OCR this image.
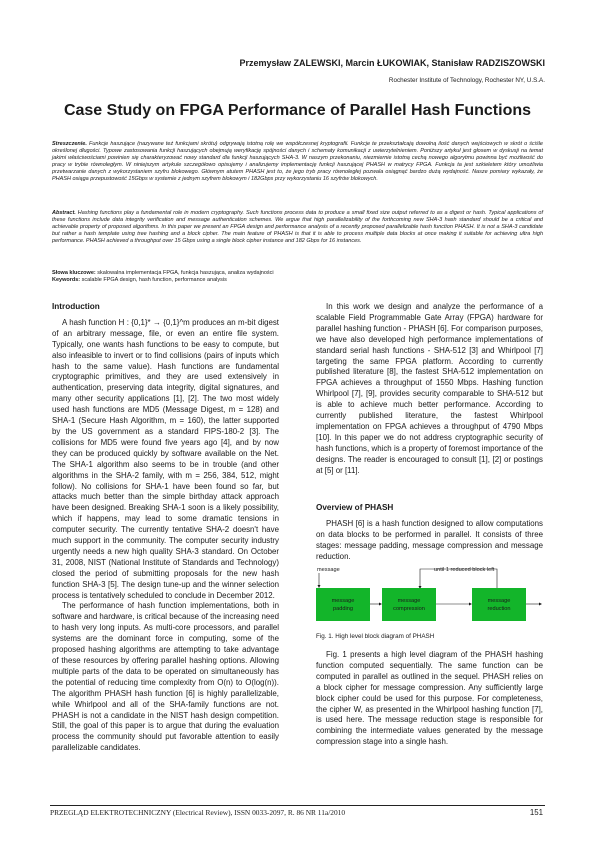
Przemysław ZALEWSKI, Marcin ŁUKOWIAK, Stanisław RADZISZOWSKI
Rochester Institute of Technology, Rochester NY, U.S.A.
Case Study on FPGA Performance of Parallel Hash Functions
Streszczenie. Funkcje haszujące (nazywane też funkcjami skrótu) odgrywają istotną rolę we współczesnej kryptografii. Funkcje te przekształcają dowolną ilość danych wejściowych w skrót o ściśle określonej długości. Typowe zastosowania funkcji haszujących obejmują weryfikację spójności danych i schematy komunikacji z uwierzytelnieniem. Poniższy artykuł jest głosem w dyskusji na temat jakimi właściwościami powinien się charakteryzować nowy standard dla funkcji haszujących SHA-3. W naszym przekonaniu, niezmiernie istotną cechą nowego algorytmu powinna być możliwość do pracy w trybie równoległym. W niniejszym artykule szczegółowo opisujemy i analizujemy implementację funkcji haszującej PHASH w matrycy FPGA. Funkcja ta jest szkieletem który umożliwia przetwarzanie danych z wykorzystaniem szyfru blokowego. Głównym atutem PHASH jest to, że jego tryb pracy równoległej pozwala osiągnąć bardzo dużą wydajność. Nasze pomiary wykazały, że PHASH osiąga przepustowość 15Gbps w systemie z jednym szyfrem blokowym i 182Gbps przy wykorzystaniu 16 szyfrów blokowych.
Abstract. Hashing functions play a fundamental role in modern cryptography. Such functions process data to produce a small fixed size output referred to as a digest or hash. Typical applications of these functions include data integrity verification and message authentication schemes. We argue that high parallelizability of the forthcoming new SHA-3 hash standard should be a critical and achievable property of proposed algorithms. In this paper we present an FPGA design and performance analysis of a recently proposed parallelizable hash function PHASH. It is not a SHA-3 candidate but rather a hash template using tree hashing and a block cipher. The main feature of PHASH is that it is able to process multiple data blocks at once making it suitable for achieving ultra high performance. PHASH achieved a throughput over 15 Gbps using a single block cipher instance and 182 Gbps for 16 instances.
Słowa kluczowe: skalowalna implementacja FPGA, funkcja haszująca, analiza wydajności
Keywords: scalable FPGA design, hash function, performance analysis
Introduction

A hash function H : {0,1}* → {0,1}^m produces an m-bit digest of an arbitrary message, file, or even an entire file system. Typically, one wants hash functions to be easy to compute, but also infeasible to invert or to find collisions (pairs of inputs which hash to the same value). Hash functions are fundamental cryptographic primitives, and they are used extensively in authentication, preserving data integrity, digital signatures, and many other security applications [1], [2]. The two most widely used hash functions are MD5 (Message Digest, m = 128) and SHA-1 (Secure Hash Algorithm, m = 160), the latter supported by the US government as a standard FIPS-180-2 [3]. The collisions for MD5 were found five years ago [4], and by now they can be produced quickly by software available on the Net. The SHA-1 algorithm also seems to be in trouble (and other algorithms in the SHA-2 family, with m = 256, 384, 512, might follow). No collisions for SHA-1 have been found so far, but attacks much better than the simple birthday attack approach have been designed. Breaking SHA-1 soon is a likely possibility, which if happens, may lead to some dramatic tensions in computer security. The currently tentative SHA-2 doesn't have much support in the community. The computer security industry urgently needs a new high quality SHA-3 standard. On October 31, 2008, NIST (National Institute of Standards and Technology) closed the period of submitting proposals for the new hash function SHA-3 [5]. The design tune-up and the winner selection process is tentatively scheduled to conclude in December 2012.

The performance of hash function implementations, both in software and hardware, is critical because of the increasing need to hash very long inputs. As multi-core processors, and parallel systems are the dominant force in computing, some of the proposed hashing algorithms are attempting to take advantage of these resources by offering parallel hashing options. Allowing multiple parts of the data to be operated on simultaneously has the potential of reducing time complexity from O(n) to O(log(n)). The algorithm PHASH hash function [6] is highly parallelizable, while Whirlpool and all of the SHA-family functions are not. PHASH is not a candidate in the NIST hash design competition. Still, the goal of this paper is to argue that during the evaluation process the community should put favorable attention to easily parallelizable candidates.

In this work we design and analyze the performance of a scalable Field Programmable Gate Array (FPGA) hardware for parallel hashing function - PHASH [6]. For comparison purposes, we have also developed high performance implementations of standard serial hash functions - SHA-512 [3] and Whirlpool [7] targeting the same FPGA platform. According to currently published literature [8], the fastest SHA-512 implementation on FPGA achieves a throughput of 1550 Mbps. Hashing function Whirlpool [7], [9], provides security comparable to SHA-512 but is able to achieve much better performance. According to currently published literature, the fastest Whirlpool implementation on FPGA achieves a throughput of 4790 Mbps [10]. In this paper we do not address cryptographic security of hash functions, which is a property of foremost importance of the designs. The reader is encouraged to consult [1], [2] or postings at [5] or [11].

Overview of PHASH

PHASH [6] is a hash function designed to allow computations on data blocks to be performed in parallel. It consists of three stages: message padding, message compression and message reduction.

message	until 1 reduced block left
message
padding
message
compression
message
reduction
Fig. 1. High level block diagram of PHASH

Fig. 1 presents a high level diagram of the PHASH hashing function computed sequentially. The same function can be computed in parallel as outlined in the sequel. PHASH relies on a block cipher for message compression. Any sufficiently large block cipher could be used for this purpose. For completeness, the cipher W, as presented in the Whirlpool hashing function [7], is used here. The message reduction stage is responsible for combining the intermediate values generated by the message compression stage into a single hash.

PRZEGLĄD ELEKTROTECHNICZNY (Electrical Review), ISSN 0033-2097, R. 86 NR 11a/2010	151
